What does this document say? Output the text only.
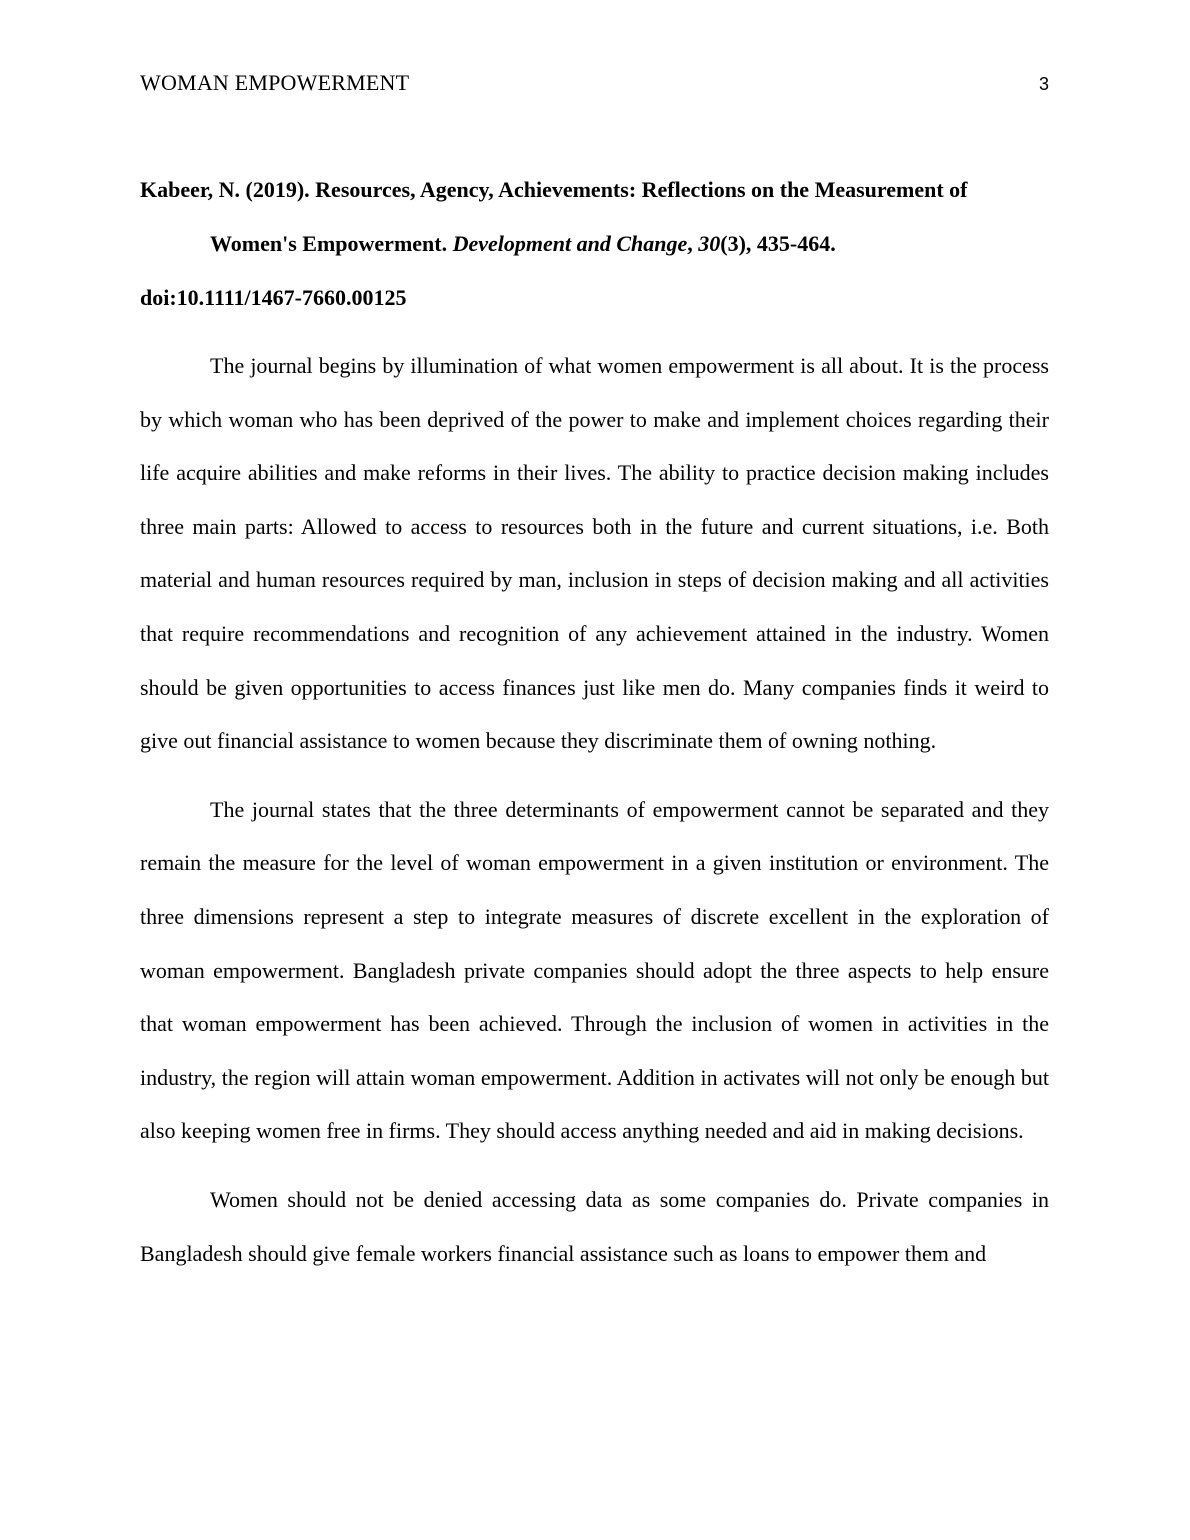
WOMAN EMPOWERMENT	3

Kabeer, N. (2019). Resources, Agency, Achievements: Reflections on the Measurement of Women's Empowerment. Development and Change, 30(3), 435-464.
doi:10.1111/1467-7660.00125

The journal begins by illumination of what women empowerment is all about. It is the process by which woman who has been deprived of the power to make and implement choices regarding their life acquire abilities and make reforms in their lives. The ability to practice decision making includes three main parts: Allowed to access to resources both in the future and current situations, i.e. Both material and human resources required by man, inclusion in steps of decision making and all activities that require recommendations and recognition of any achievement attained in the industry. Women should be given opportunities to access finances just like men do. Many companies finds it weird to give out financial assistance to women because they discriminate them of owning nothing.

The journal states that the three determinants of empowerment cannot be separated and they remain the measure for the level of woman empowerment in a given institution or environment. The three dimensions represent a step to integrate measures of discrete excellent in the exploration of woman empowerment. Bangladesh private companies should adopt the three aspects to help ensure that woman empowerment has been achieved. Through the inclusion of women in activities in the industry, the region will attain woman empowerment. Addition in activates will not only be enough but also keeping women free in firms. They should access anything needed and aid in making decisions.

Women should not be denied accessing data as some companies do. Private companies in Bangladesh should give female workers financial assistance such as loans to empower them and
